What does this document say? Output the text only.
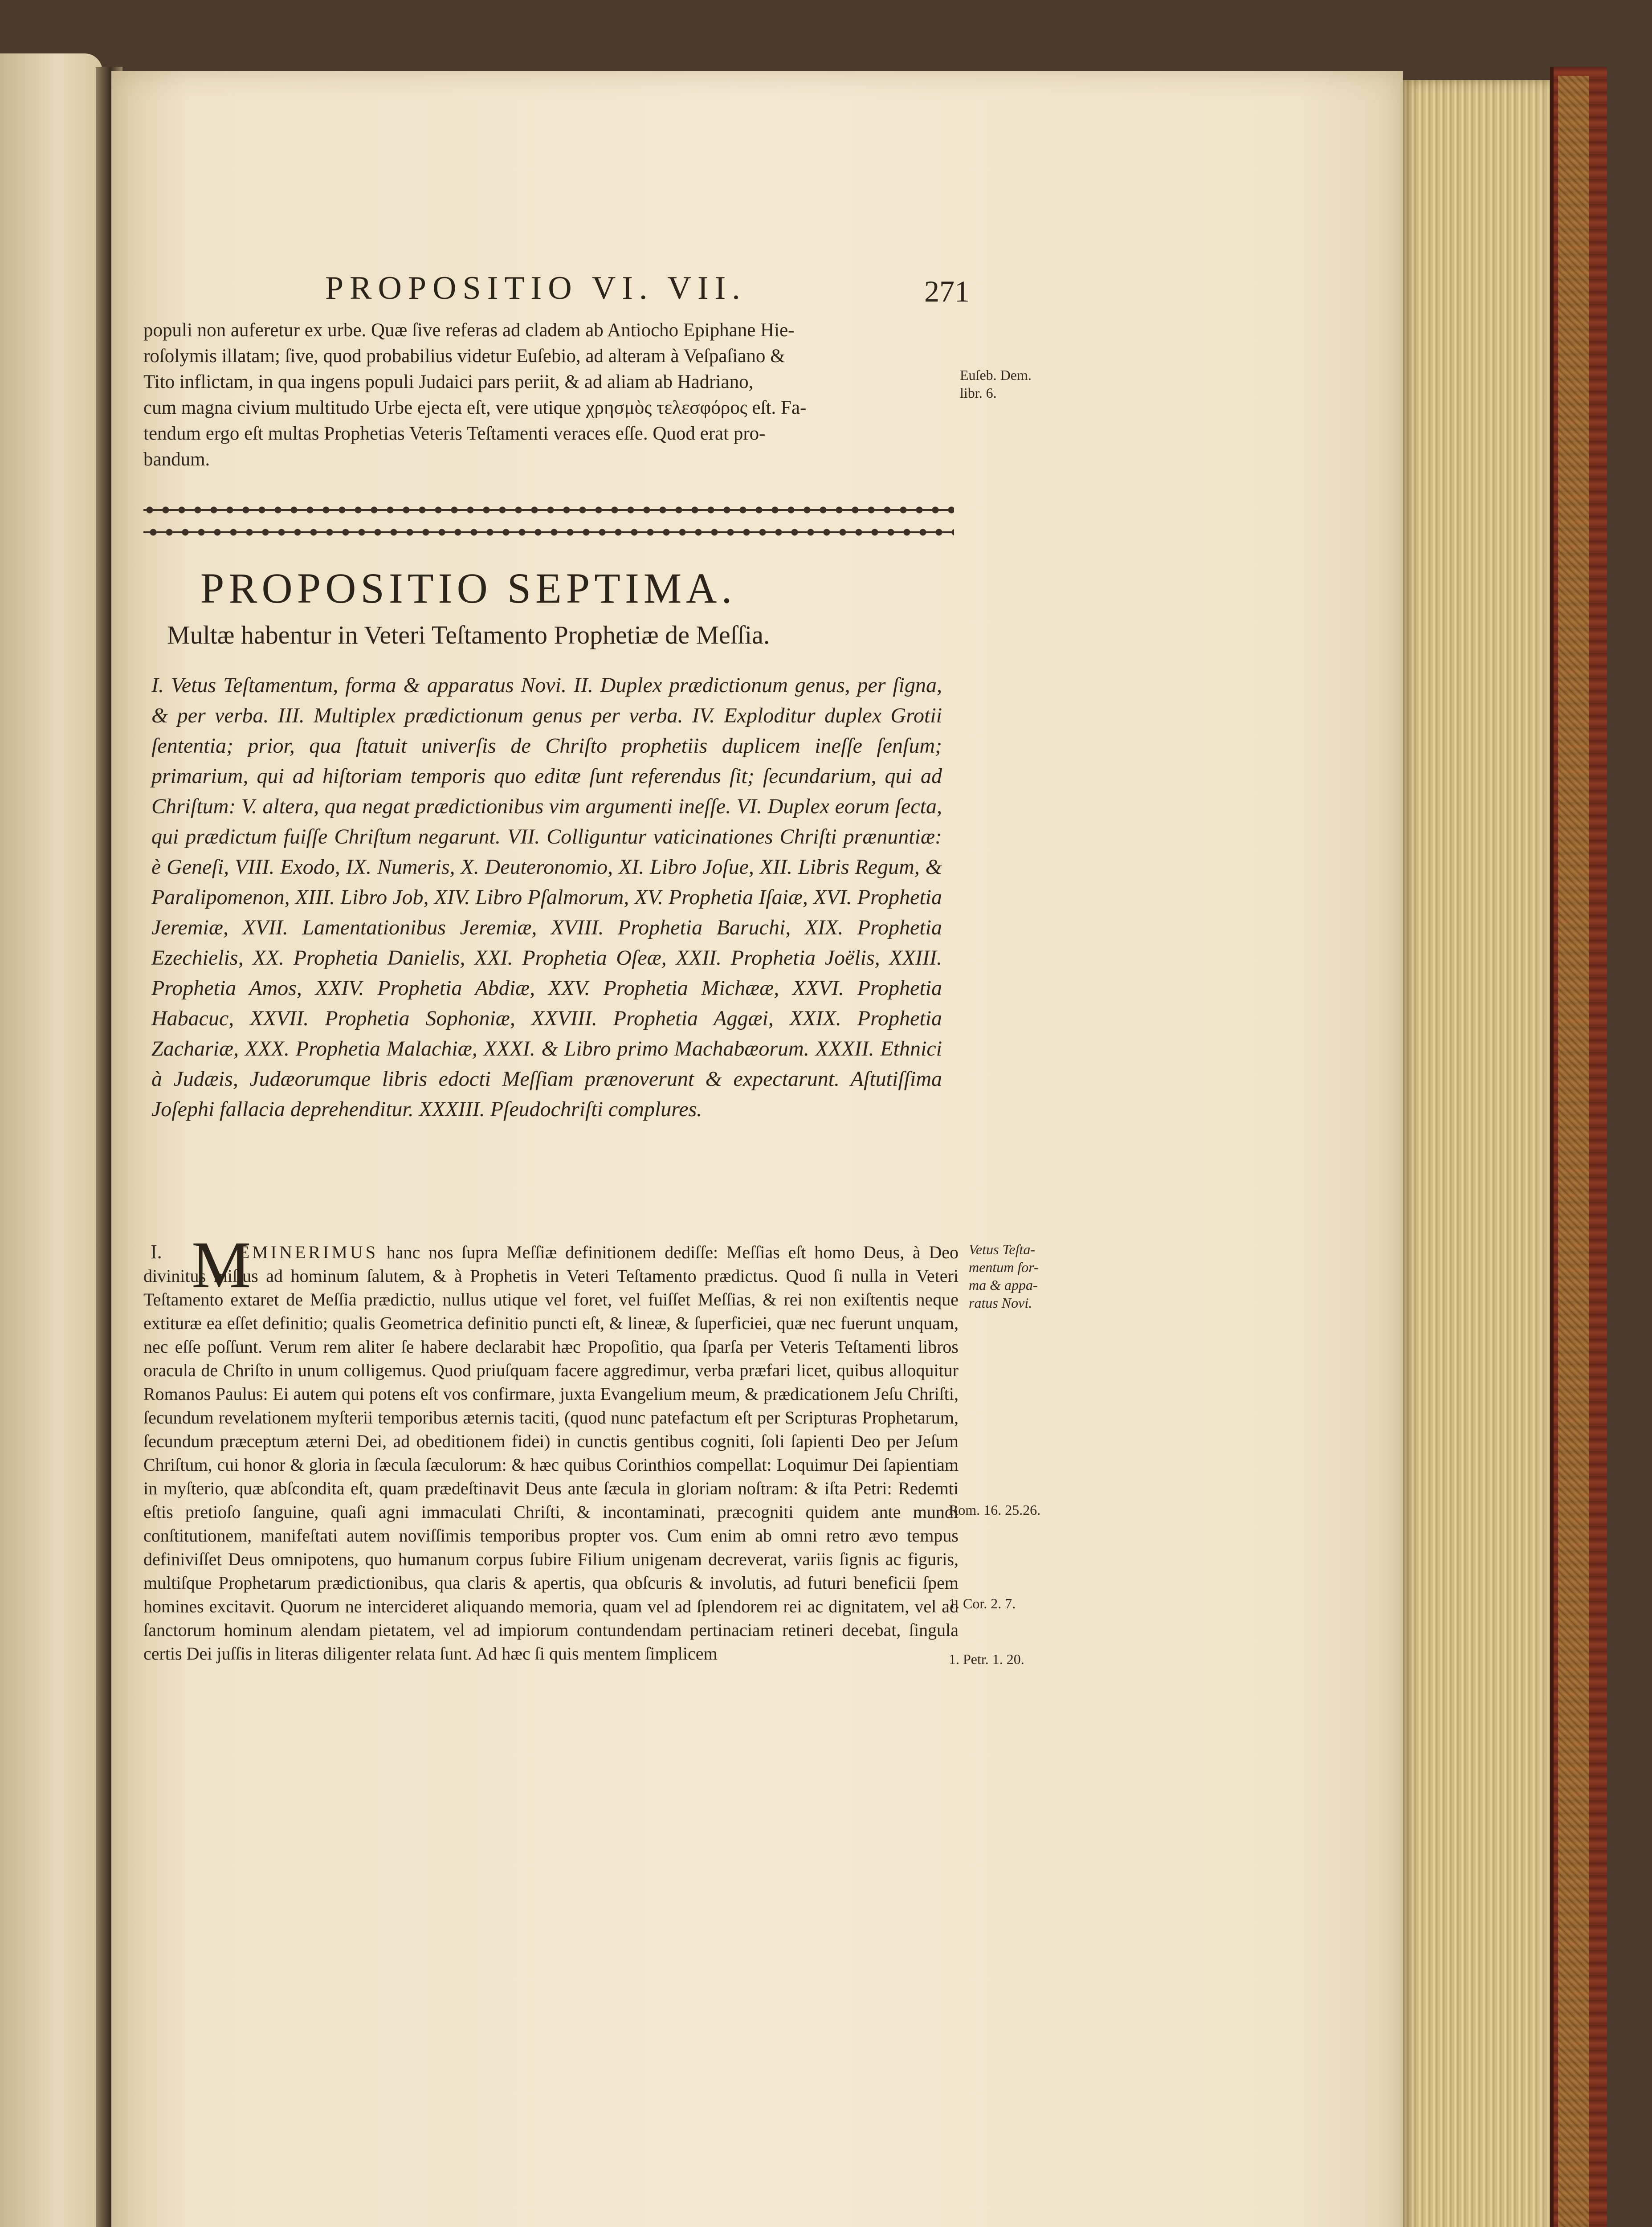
PROPOSITIO VI. VII.	271
populi non auferetur ex urbe. Quæ ſive referas ad cladem ab Antiocho Epiphane Hie-
roſolymis illatam; ſive, quod probabilius videtur Euſebio, ad alteram à Veſpaſiano &
Tito inflictam, in qua ingens populi Judaici pars periit, & ad aliam ab Hadriano,
cum magna civium multitudo Urbe ejecta eſt, vere utique χρησμὸς τελεσφόρος eſt. Fa-
tendum ergo eſt multas Prophetias Veteris Teſtamenti veraces eſſe. Quod erat pro-
bandum.
Euſeb. Dem.
libr. 6.
PROPOSITIO SEPTIMA.
Multæ habentur in Veteri Teſtamento Prophetiæ de Meſſia.
I. Vetus Teſtamentum, forma & apparatus Novi. II. Duplex prædictionum genus, per ſigna, & per verba. III. Multiplex prædictionum genus per verba. IV. Exploditur duplex Grotii ſententia; prior, qua ſtatuit univerſis de Chriſto prophetiis duplicem ineſſe ſenſum; primarium, qui ad hiſtoriam temporis quo editæ ſunt referendus ſit; ſecundarium, qui ad Chriſtum: V. altera, qua negat prædictionibus vim argumenti ineſſe. VI. Duplex eorum ſecta, qui prædictum fuiſſe Chriſtum negarunt. VII. Colliguntur vaticinationes Chriſti prænuntiæ: è Geneſi, VIII. Exodo, IX. Numeris, X. Deuteronomio, XI. Libro Joſue, XII. Libris Regum, & Paralipomenon, XIII. Libro Job, XIV. Libro Pſalmorum, XV. Prophetia Iſaiæ, XVI. Prophetia Jeremiæ, XVII. Lamentationibus Jeremiæ, XVIII. Prophetia Baruchi, XIX. Prophetia Ezechielis, XX. Prophetia Danielis, XXI. Prophetia Oſeæ, XXII. Prophetia Joëlis, XXIII. Prophetia Amos, XXIV. Prophetia Abdiæ, XXV. Prophetia Michææ, XXVI. Prophetia Habacuc, XXVII. Prophetia Sophoniæ, XXVIII. Prophetia Aggæi, XXIX. Prophetia Zachariæ, XXX. Prophetia Malachiæ, XXXI. & Libro primo Machabæorum. XXXII. Ethnici à Judæis, Judæorumque libris edocti Meſſiam prænoverunt & expectarunt. Aſtutiſſima Joſephi fallacia deprehenditur. XXXIII. Pſeudochriſti complures.
I. M
EMINERIMUS hanc nos ſupra Meſſiæ definitionem dediſſe: Meſſias eſt homo Deus, à Deo divinitus miſſus ad hominum ſalutem, & à Prophetis in Veteri Teſtamento prædictus. Quod ſi nulla in Veteri Teſtamento extaret de Meſſia prædictio, nullus utique vel foret, vel fuiſſet Meſſias, & rei non exiſtentis neque extituræ ea eſſet definitio; qualis Geometrica definitio puncti eſt, & lineæ, & ſuperficiei, quæ nec fuerunt unquam, nec eſſe poſſunt. Verum rem aliter ſe habere declarabit hæc Propoſitio, qua ſparſa per Veteris Teſtamenti libros oracula de Chriſto in unum colligemus. Quod priuſquam facere aggredimur, verba præfari licet, quibus alloquitur Romanos Paulus: Ei autem qui potens eſt vos confirmare, juxta Evangelium meum, & prædicationem Jeſu Chriſti, ſecundum revelationem myſterii temporibus æternis taciti, (quod nunc patefactum eſt per Scripturas Prophetarum, ſecundum præceptum æterni Dei, ad obeditionem fidei) in cunctis gentibus cogniti, ſoli ſapienti Deo per Jeſum Chriſtum, cui honor & gloria in ſæcula ſæculorum: & hæc quibus Corinthios compellat: Loquimur Dei ſapientiam in myſterio, quæ abſcondita eſt, quam prædeſtinavit Deus ante ſæcula in gloriam noſtram: & iſta Petri: Redemti eſtis pretioſo ſanguine, quaſi agni immaculati Chriſti, & incontaminati, præcogniti quidem ante mundi conſtitutionem, manifeſtati autem noviſſimis temporibus propter vos. Cum enim ab omni retro ævo tempus definiviſſet Deus omnipotens, quo humanum corpus ſubire Filium unigenam decreverat, variis ſignis ac figuris, multiſque Prophetarum prædictionibus, qua claris & apertis, qua obſcuris & involutis, ad futuri beneficii ſpem homines excitavit. Quorum ne intercideret aliquando memoria, quam vel ad ſplendorem rei ac dignitatem, vel ad ſanctorum hominum alendam pietatem, vel ad impiorum contundendam pertinaciam retineri decebat, ſingula certis Dei juſſis in literas diligenter relata ſunt. Ad hæc ſi quis mentem ſimplicem
Vetus Teſta-
mentum for-
ma & appa-
ratus Novi.
Rom. 16. 25.26.
1. Cor. 2. 7.
1. Petr. 1. 20.
